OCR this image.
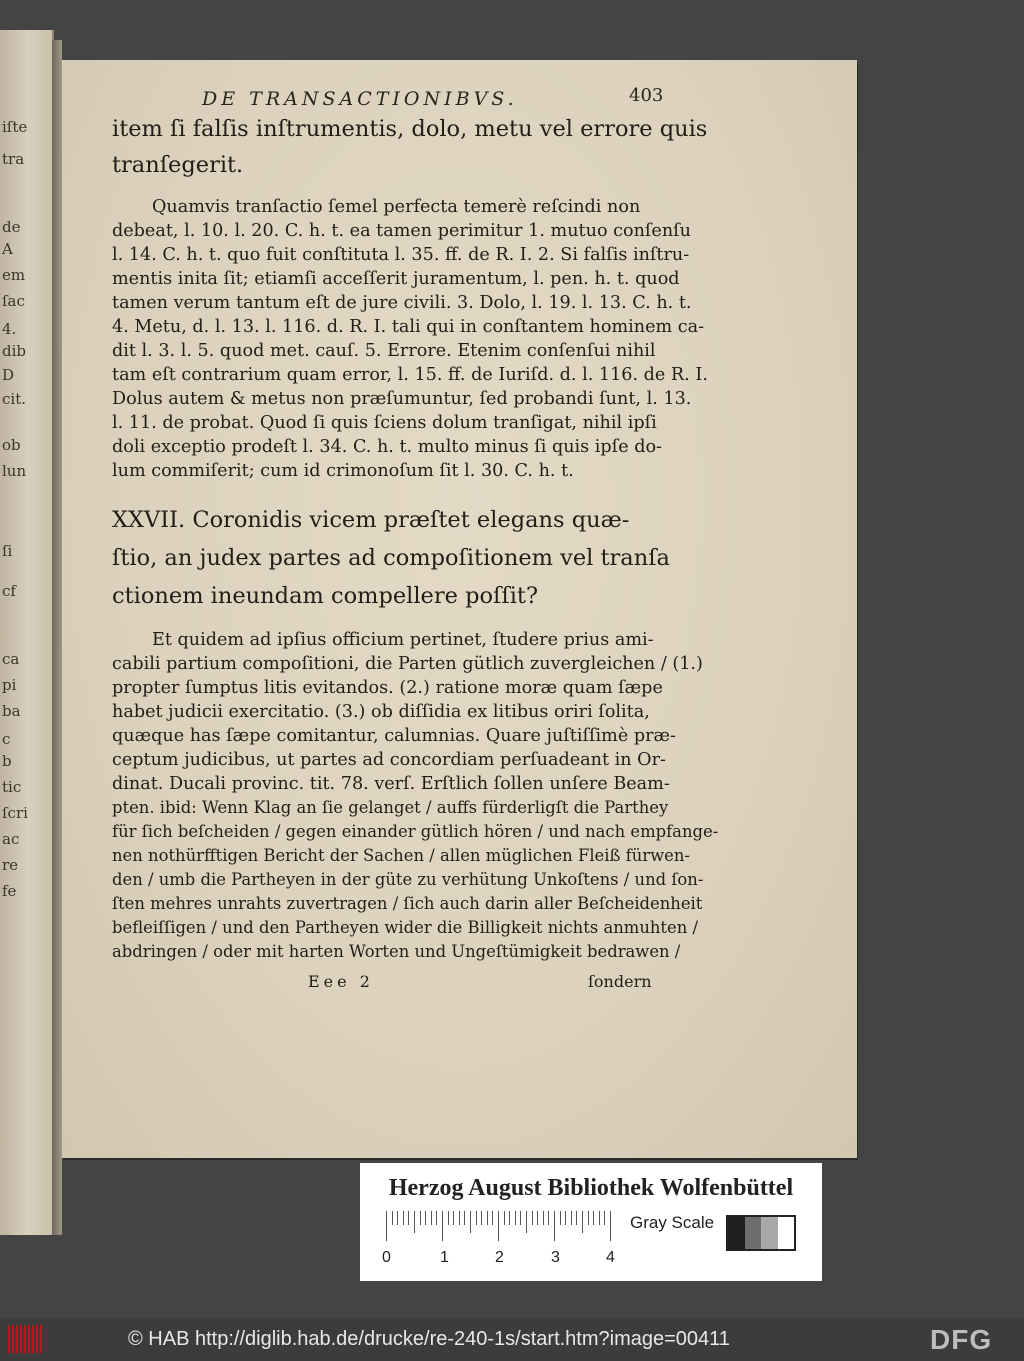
iſte
tra
de
A
em
ſac
4.
dib
D
cit.
ob
lun
ſi
cf
ca
pi
ba
c
b
tic
ſcri
ac
re
fe
DE TRANSACTIONIBVS.	403
item ſi falſis inſtrumentis, dolo, metu vel errore quis
tranſegerit.
Quamvis tranſactio ſemel perfecta temerè reſcindi non
debeat, l. 10. l. 20. C. h. t. ea tamen perimitur 1. mutuo conſenſu
l. 14. C. h. t. quo fuit conſtituta l. 35. ff. de R. I. 2. Si falſis inſtru-
mentis inita ſit; etiamſi acceſſerit juramentum, l. pen. h. t. quod
tamen verum tantum eſt de jure civili. 3. Dolo, l. 19. l. 13. C. h. t.
4. Metu, d. l. 13. l. 116. d. R. I. tali qui in conſtantem hominem ca-
dit l. 3. l. 5. quod met. cauſ. 5. Errore. Etenim conſenſui nihil
tam eſt contrarium quam error, l. 15. ff. de Iuriſd. d. l. 116. de R. I.
Dolus autem & metus non præſumuntur, ſed probandi ſunt, l. 13.
l. 11. de probat. Quod ſi quis ſciens dolum tranſigat, nihil ipſi
doli exceptio prodeſt l. 34. C. h. t. multo minus ſi quis ipſe do-
lum commiſerit; cum id crimonoſum ſit l. 30. C. h. t.
XXVII. Coronidis vicem præſtet elegans quæ-
ſtio, an judex partes ad compoſitionem vel tranſa
ctionem ineundam compellere poſſit?
Et quidem ad ipſius officium pertinet, ſtudere prius ami-
cabili partium compoſitioni, die Parten gütlich zuvergleichen / (1.)
propter ſumptus litis evitandos. (2.) ratione moræ quam ſæpe
habet judicii exercitatio. (3.) ob diſſidia ex litibus oriri ſolita,
quæque has ſæpe comitantur, calumnias. Quare juſtiſſimè præ-
ceptum judicibus, ut partes ad concordiam perſuadeant in Or-
dinat. Ducali provinc. tit. 78. verſ. Erſtlich ſollen unſere Beam-
pten. ibid: Wenn Klag an ſie gelanget / auffs fürderligſt die Parthey
für ſich beſcheiden / gegen einander gütlich hören / und nach empfange-
nen nothürfftigen Bericht der Sachen / allen müglichen Fleiß fürwen-
den / umb die Partheyen in der güte zu verhütung Unkoſtens / und ſon-
ſten mehres unrahts zuvertragen / ſich auch darin aller Beſcheidenheit
befleiſſigen / und den Partheyen wider die Billigkeit nichts anmuhten /
abdringen / oder mit harten Worten und Ungeſtümigkeit bedrawen /
Eee 2	ſondern
Herzog August Bibliothek Wolfenbüttel
0	1	2	3	4
Gray Scale
© HAB http://diglib.hab.de/drucke/re-240-1s/start.htm?image=00411	DFG
